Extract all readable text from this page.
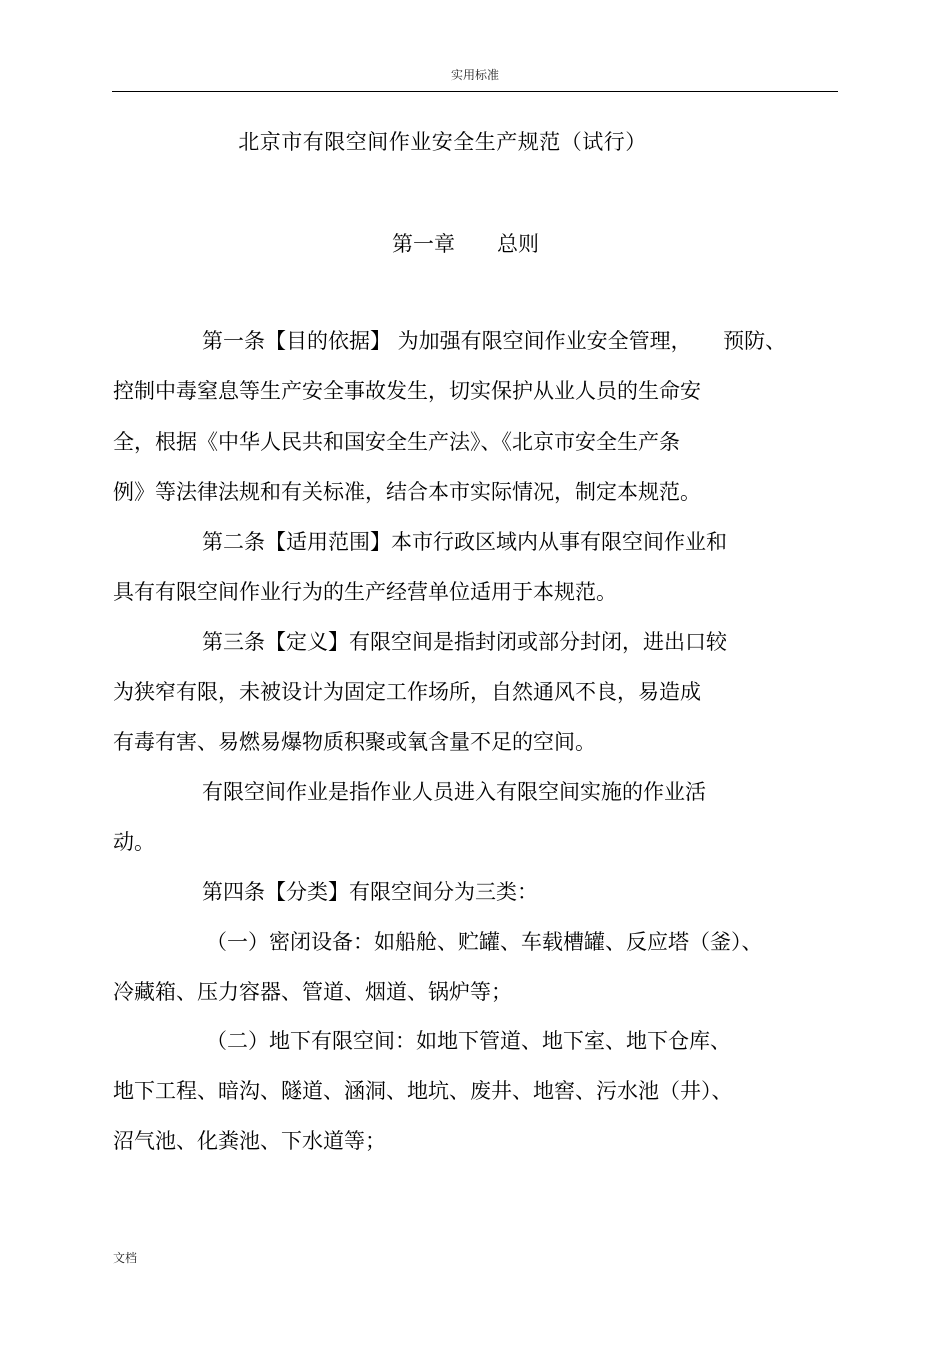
实用标准
北京市有限空间作业安全生产规范（试行）
第一章　　总则
第一条【目的依据】 为加强有限空间作业安全管理，　　预防、
控制中毒窒息等生产安全事故发生，切实保护从业人员的生命安
全，根据《中华人民共和国安全生产法》、《北京市安全生产条
例》等法律法规和有关标准，结合本市实际情况，制定本规范。
第二条【适用范围】本市行政区域内从事有限空间作业和
具有有限空间作业行为的生产经营单位适用于本规范。
第三条【定义】有限空间是指封闭或部分封闭，进出口较
为狭窄有限，未被设计为固定工作场所，自然通风不良，易造成
有毒有害、易燃易爆物质积聚或氧含量不足的空间。
有限空间作业是指作业人员进入有限空间实施的作业活
动。
第四条【分类】有限空间分为三类：
（一）密闭设备：如船舱、贮罐、车载槽罐、反应塔（釜）、
冷藏箱、压力容器、管道、烟道、锅炉等；
（二）地下有限空间：如地下管道、地下室、地下仓库、
地下工程、暗沟、隧道、涵洞、地坑、废井、地窖、污水池（井）、
沼气池、化粪池、下水道等；
文档
